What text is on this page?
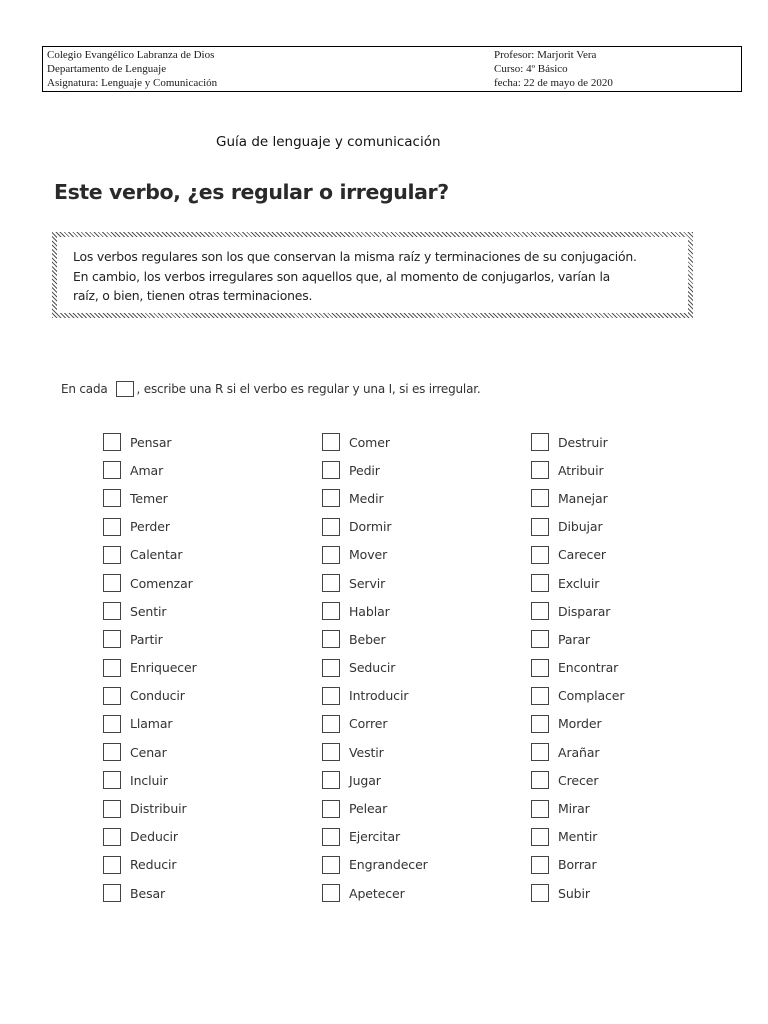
Colegio Evangélico Labranza de Dios
Departamento de Lenguaje
Asignatura: Lenguaje y Comunicación
Profesor: Marjorit Vera
Curso: 4º Básico
fecha: 22 de mayo de 2020
Guía de lenguaje y comunicación
Este verbo, ¿es regular o irregular?
Los verbos regulares son los que conservan la misma raíz y terminaciones de su conjugación.
En cambio, los verbos irregulares son aquellos que, al momento de conjugarlos, varían la
raíz, o bien, tienen otras terminaciones.
En cada , escribe una R si el verbo es regular y una I, si es irregular.
Pensar
Amar
Temer
Perder
Calentar
Comenzar
Sentir
Partir
Enriquecer
Conducir
Llamar
Cenar
Incluir
Distribuir
Deducir
Reducir
Besar
Comer
Pedir
Medir
Dormir
Mover
Servir
Hablar
Beber
Seducir
Introducir
Correr
Vestir
Jugar
Pelear
Ejercitar
Engrandecer
Apetecer
Destruir
Atribuir
Manejar
Dibujar
Carecer
Excluir
Disparar
Parar
Encontrar
Complacer
Morder
Arañar
Crecer
Mirar
Mentir
Borrar
Subir
